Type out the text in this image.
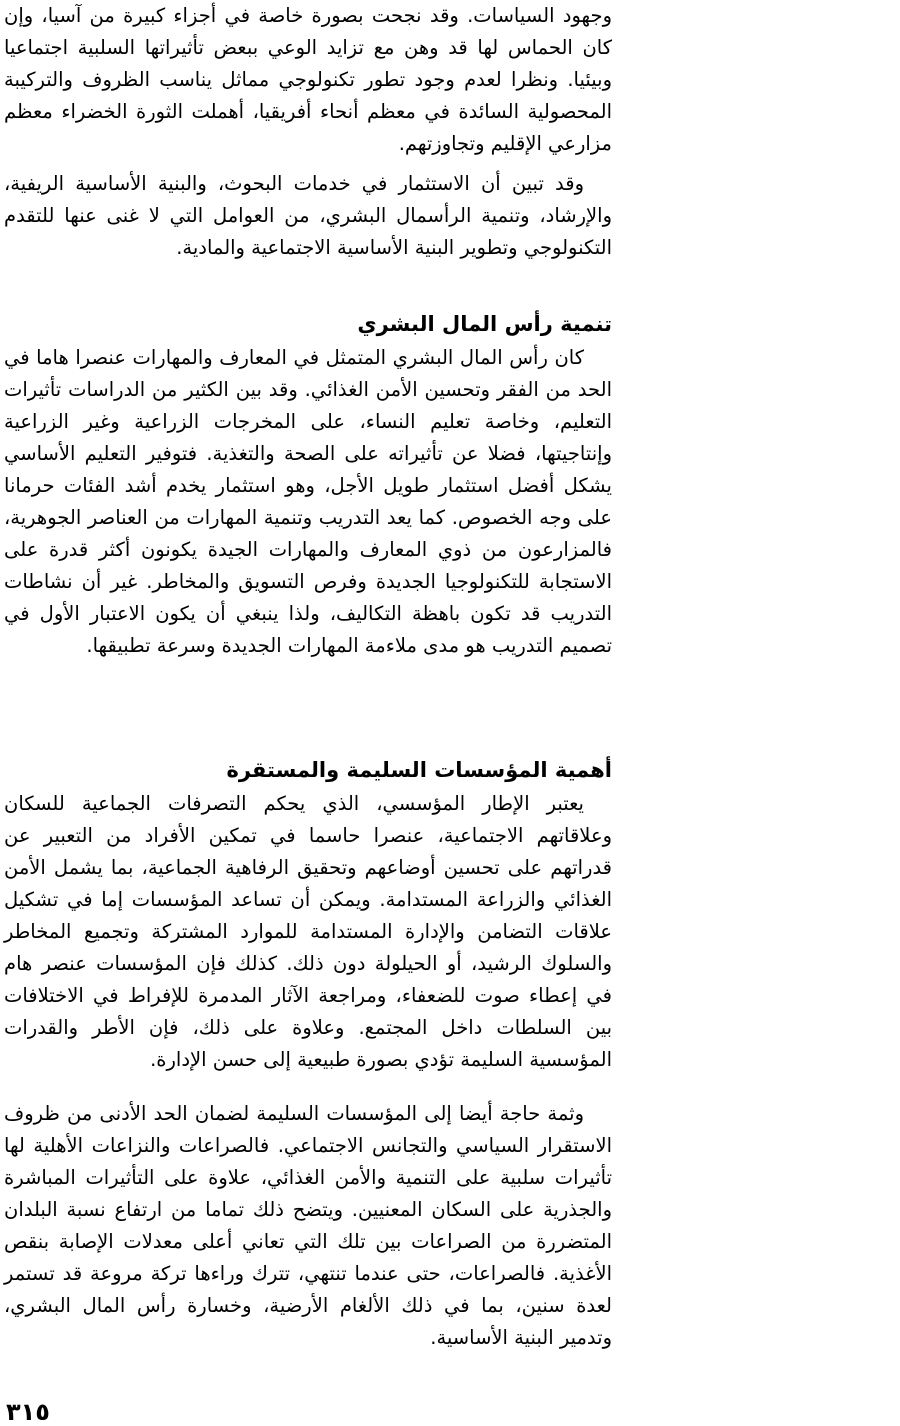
وجهود السياسات. وقد نجحت بصورة خاصة في أجزاء كبيرة من آسيا، وإن كان الحماس لها قد وهن مع تزايد الوعي ببعض تأثيراتها السلبية اجتماعيا وبيئيا. ونظرا لعدم وجود تطور تكنولوجي مماثل يناسب الظروف والتركيبة المحصولية السائدة في معظم أنحاء أفريقيا، أهملت الثورة الخضراء معظم مزارعي الإقليم وتجاوزتهم.

وقد تبين أن الاستثمار في خدمات البحوث، والبنية الأساسية الريفية، والإرشاد، وتنمية الرأسمال البشري، من العوامل التي لا غنى عنها للتقدم التكنولوجي وتطوير البنية الأساسية الاجتماعية والمادية.

تنمية رأس المال البشري

كان رأس المال البشري المتمثل في المعارف والمهارات عنصرا هاما في الحد من الفقر وتحسين الأمن الغذائي. وقد بين الكثير من الدراسات تأثيرات التعليم، وخاصة تعليم النساء، على المخرجات الزراعية وغير الزراعية وإنتاجيتها، فضلا عن تأثيراته على الصحة والتغذية. فتوفير التعليم الأساسي يشكل أفضل استثمار طويل الأجل، وهو استثمار يخدم أشد الفئات حرمانا على وجه الخصوص. كما يعد التدريب وتنمية المهارات من العناصر الجوهرية، فالمزارعون من ذوي المعارف والمهارات الجيدة يكونون أكثر قدرة على الاستجابة للتكنولوجيا الجديدة وفرص التسويق والمخاطر. غير أن نشاطات التدريب قد تكون باهظة التكاليف، ولذا ينبغي أن يكون الاعتبار الأول في تصميم التدريب هو مدى ملاءمة المهارات الجديدة وسرعة تطبيقها.

أهمية المؤسسات السليمة والمستقرة

يعتبر الإطار المؤسسي، الذي يحكم التصرفات الجماعية للسكان وعلاقاتهم الاجتماعية، عنصرا حاسما في تمكين الأفراد من التعبير عن قدراتهم على تحسين أوضاعهم وتحقيق الرفاهية الجماعية، بما يشمل الأمن الغذائي والزراعة المستدامة. ويمكن أن تساعد المؤسسات إما في تشكيل علاقات التضامن والإدارة المستدامة للموارد المشتركة وتجميع المخاطر والسلوك الرشيد، أو الحيلولة دون ذلك. كذلك فإن المؤسسات عنصر هام في إعطاء صوت للضعفاء، ومراجعة الآثار المدمرة للإفراط في الاختلافات بين السلطات داخل المجتمع. وعلاوة على ذلك، فإن الأطر والقدرات المؤسسية السليمة تؤدي بصورة طبيعية إلى حسن الإدارة.

وثمة حاجة أيضا إلى المؤسسات السليمة لضمان الحد الأدنى من ظروف الاستقرار السياسي والتجانس الاجتماعي. فالصراعات والنزاعات الأهلية لها تأثيرات سلبية على التنمية والأمن الغذائي، علاوة على التأثيرات المباشرة والجذرية على السكان المعنيين. ويتضح ذلك تماما من ارتفاع نسبة البلدان المتضررة من الصراعات بين تلك التي تعاني أعلى معدلات الإصابة بنقص الأغذية. فالصراعات، حتى عندما تنتهي، تترك وراءها تركة مروعة قد تستمر لعدة سنين، بما في ذلك الألغام الأرضية، وخسارة رأس المال البشري، وتدمير البنية الأساسية.

٣١٥
